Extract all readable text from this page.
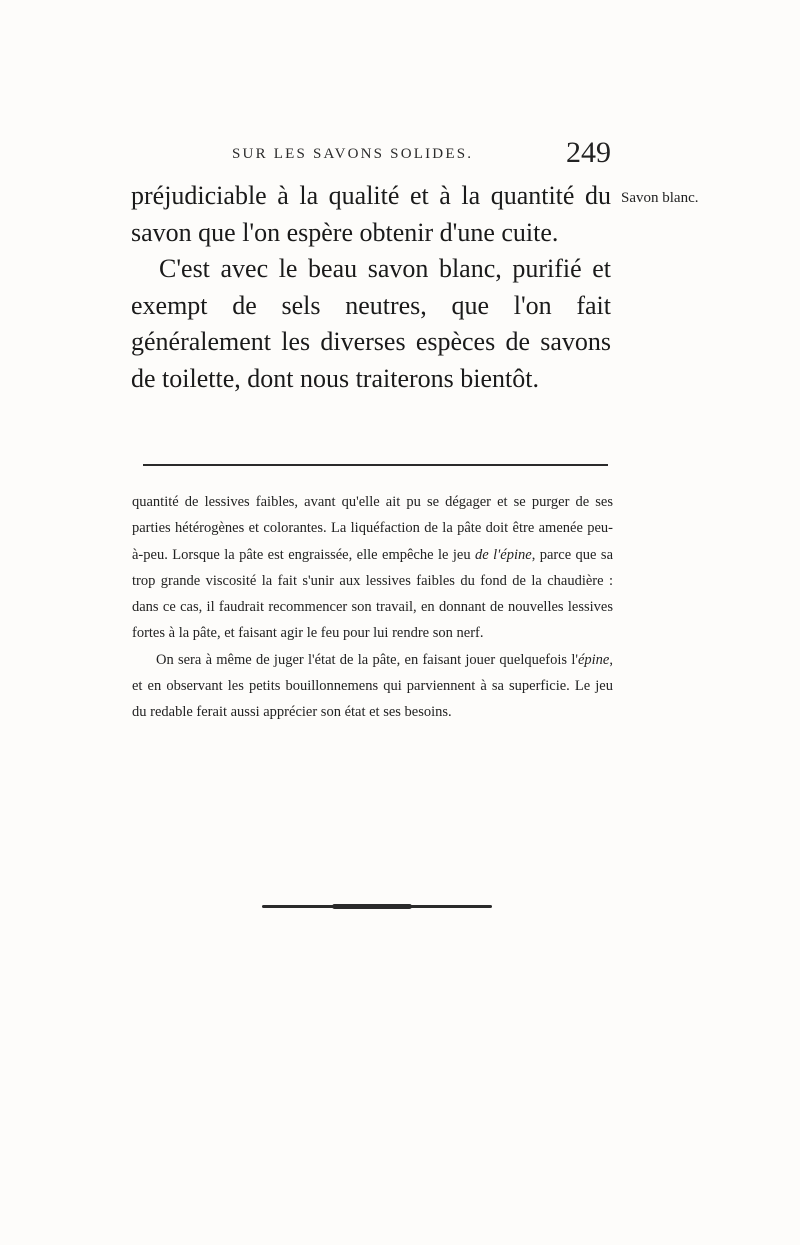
SUR LES SAVONS SOLIDES.	249
Savon blanc.

préjudiciable à la qualité et à la quantité du savon que l'on espère obtenir d'une cuite.

C'est avec le beau savon blanc, purifié et exempt de sels neutres, que l'on fait généralement les diverses espèces de savons de toilette, dont nous traiterons bientôt.

quantité de lessives faibles, avant qu'elle ait pu se dégager et se purger de ses parties hétérogènes et colorantes. La liquéfaction de la pâte doit être amenée peu-à-peu. Lorsque la pâte est engraissée, elle empêche le jeu de l'épine, parce que sa trop grande viscosité la fait s'unir aux lessives faibles du fond de la chaudière : dans ce cas, il faudrait recommencer son travail, en donnant de nouvelles lessives fortes à la pâte, et faisant agir le feu pour lui rendre son nerf.

On sera à même de juger l'état de la pâte, en faisant jouer quelquefois l'épine, et en observant les petits bouillonnemens qui parviennent à sa superficie. Le jeu du redable ferait aussi apprécier son état et ses besoins.
